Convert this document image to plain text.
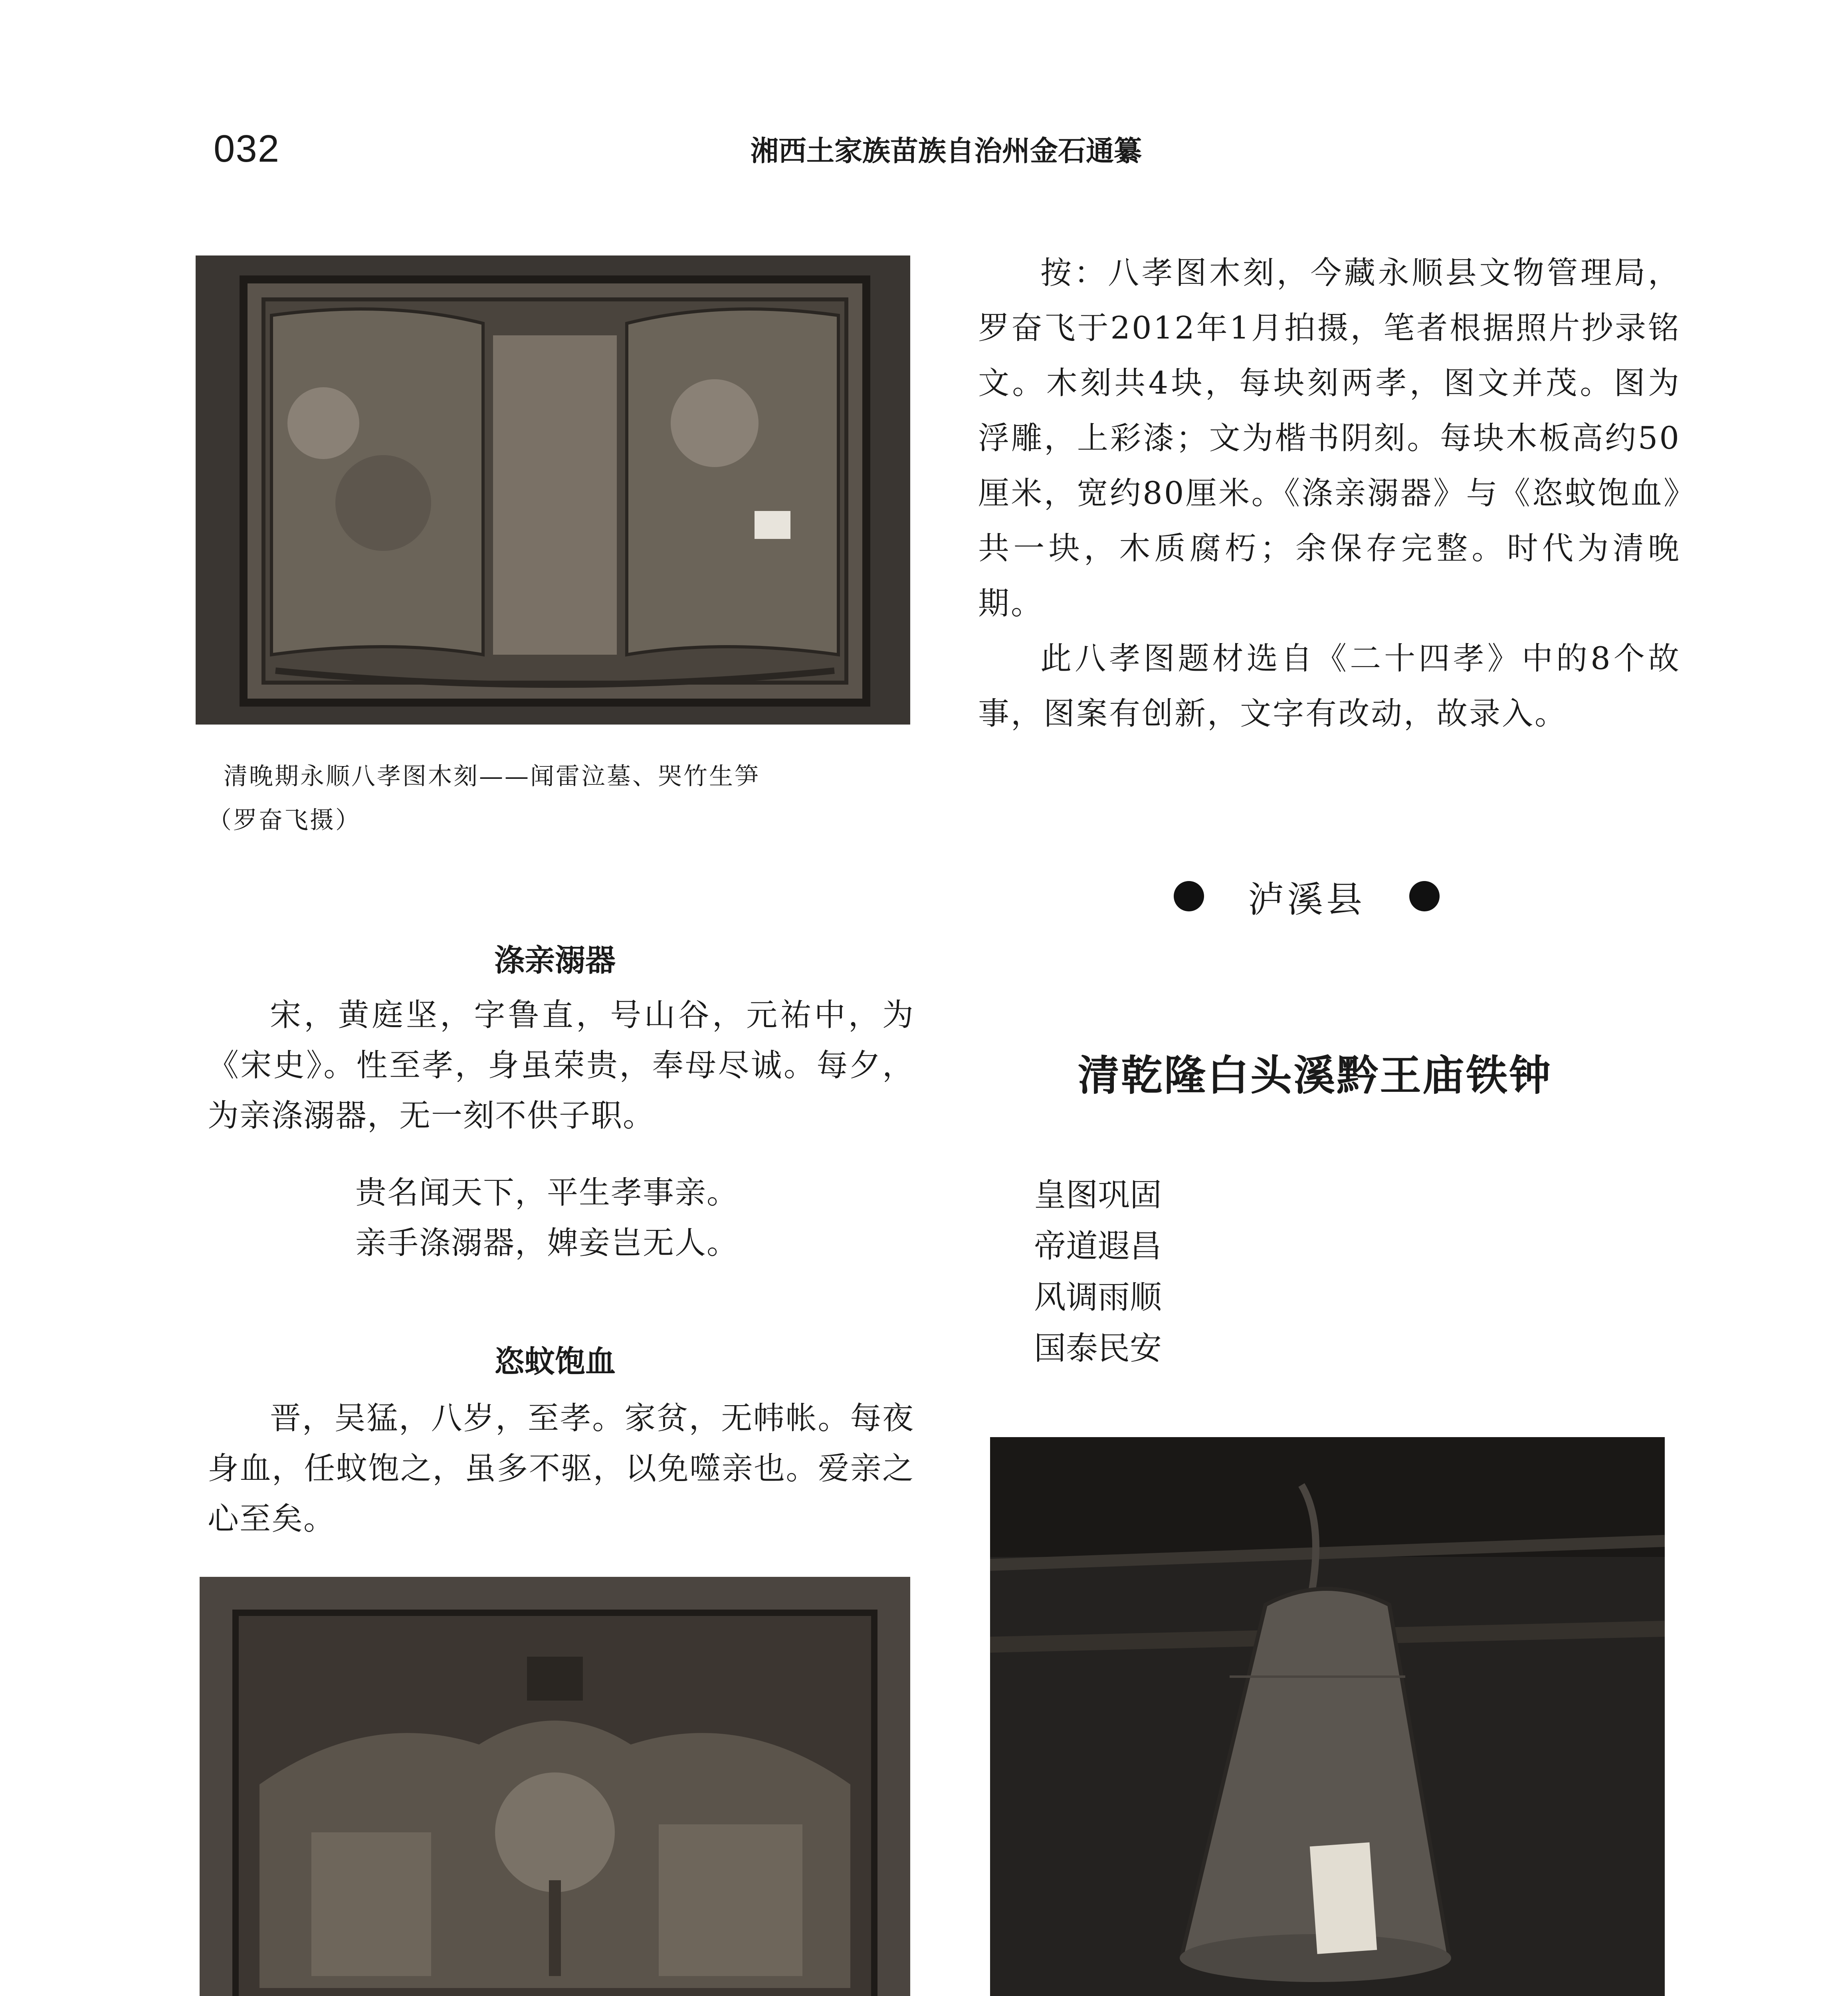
032	湘西土家族苗族自治州金石通纂
清晚期永顺八孝图木刻——闻雷泣墓、哭竹生笋
（罗奋飞摄）
涤亲溺器
宋，黄庭坚，字鲁直，号山谷，元祐中，为《宋史》。性至孝，身虽荣贵，奉母尽诚。每夕，为亲涤溺器，无一刻不供子职。
贵名闻天下，平生孝事亲。
亲手涤溺器，婢妾岂无人。
恣蚊饱血
晋，吴猛，八岁，至孝。家贫，无帏帐。每夜身血，任蚊饱之，虽多不驱，以免噬亲也。爱亲之心至矣。

按：八孝图木刻，今藏永顺县文物管理局，罗奋飞于2012年1月拍摄，笔者根据照片抄录铭文。木刻共4块，每块刻两孝，图文并茂。图为浮雕，上彩漆；文为楷书阴刻。每块木板高约50厘米，宽约80厘米。《涤亲溺器》与《恣蚊饱血》共一块，木质腐朽；余保存完整。时代为清晚期。

此八孝图题材选自《二十四孝》中的8个故事，图案有创新，文字有改动，故录入。

泸溪县
清乾隆白头溪黔王庙铁钟
皇图巩固
帝道遐昌
风调雨顺
国泰民安
